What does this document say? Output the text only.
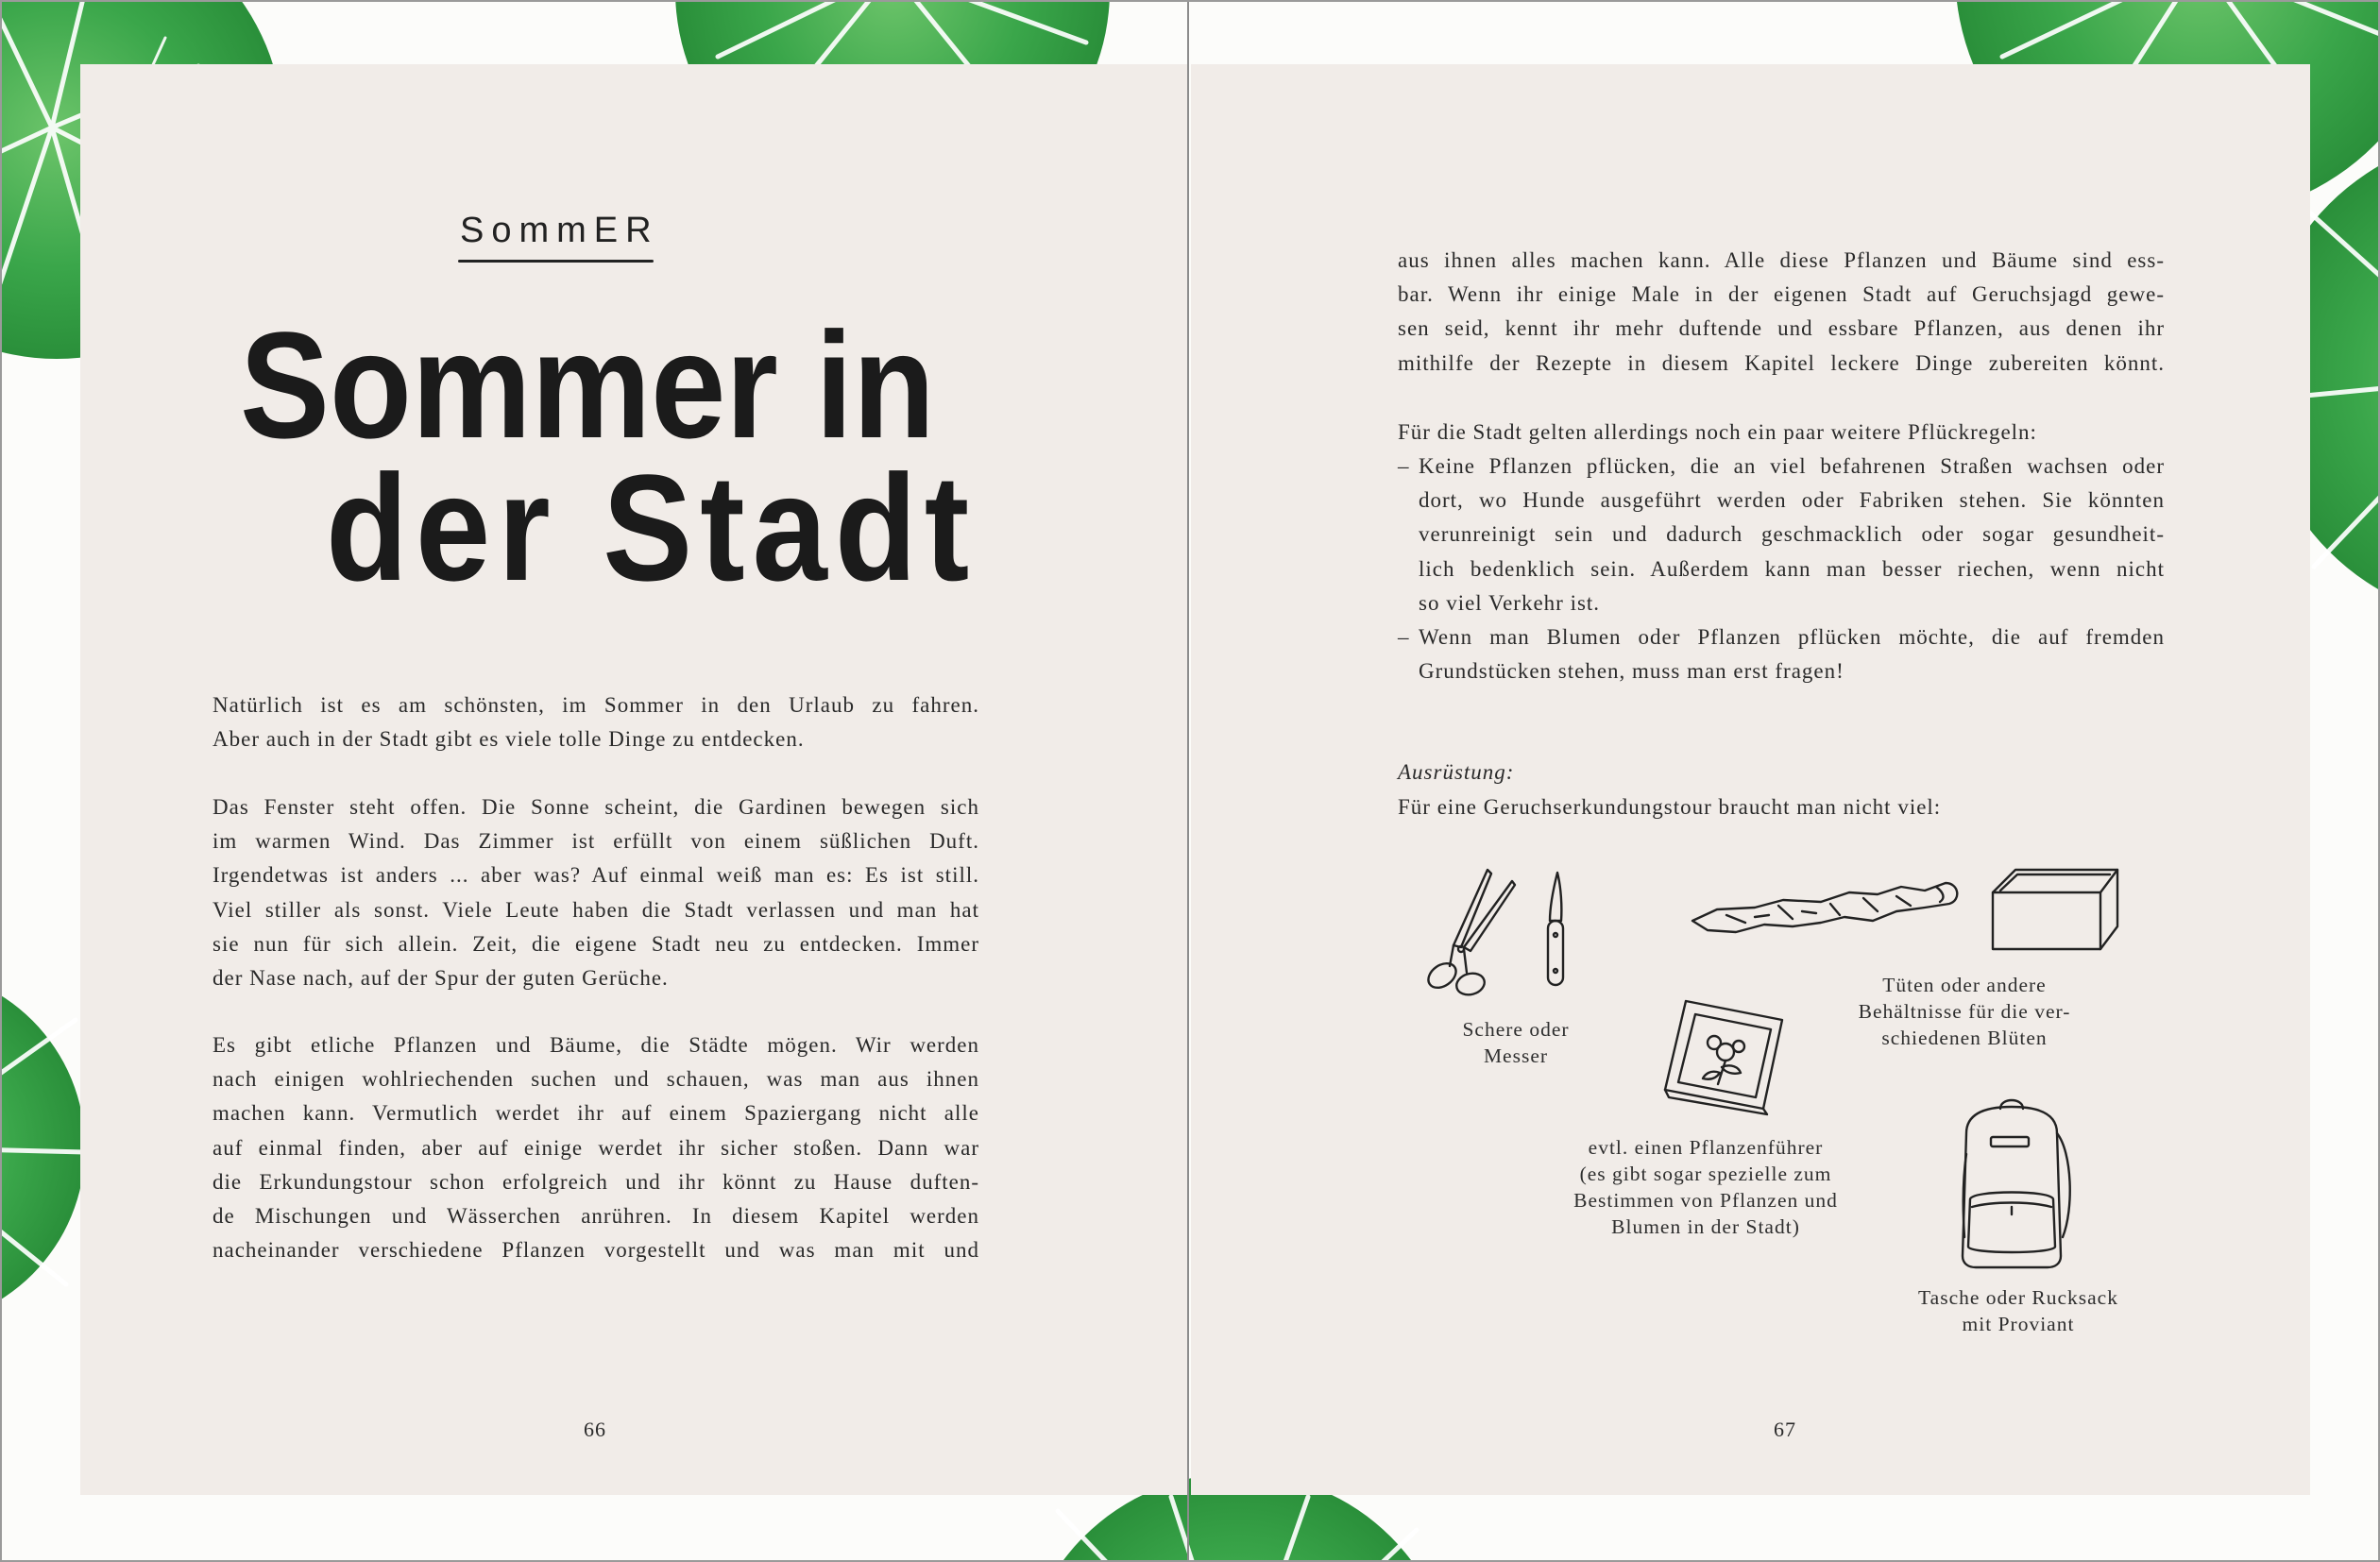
SommER
Sommer in
der Stadt
Natürlich ist es am schönsten, im Sommer in den Urlaub zu fahren.
Aber auch in der Stadt gibt es viele tolle Dinge zu entdecken.
Das Fenster steht offen. Die Sonne scheint, die Gardinen bewegen sich
im warmen Wind. Das Zimmer ist erfüllt von einem süßlichen Duft.
Irgendetwas ist anders ... aber was? Auf einmal weiß man es: Es ist still.
Viel stiller als sonst. Viele Leute haben die Stadt verlassen und man hat
sie nun für sich allein. Zeit, die eigene Stadt neu zu entdecken. Immer
der Nase nach, auf der Spur der guten Gerüche.
Es gibt etliche Pflanzen und Bäume, die Städte mögen. Wir werden
nach einigen wohlriechenden suchen und schauen, was man aus ihnen
machen kann. Vermutlich werdet ihr auf einem Spaziergang nicht alle
auf einmal finden, aber auf einige werdet ihr sicher stoßen. Dann war
die Erkundungstour schon erfolgreich und ihr könnt zu Hause duften-
de Mischungen und Wässerchen anrühren. In diesem Kapitel werden
nacheinander verschiedene Pflanzen vorgestellt und was man mit und
66
aus ihnen alles machen kann. Alle diese Pflanzen und Bäume sind ess-
bar. Wenn ihr einige Male in der eigenen Stadt auf Geruchsjagd gewe-
sen seid, kennt ihr mehr duftende und essbare Pflanzen, aus denen ihr
mithilfe der Rezepte in diesem Kapitel leckere Dinge zubereiten könnt.
Für die Stadt gelten allerdings noch ein paar weitere Pflückregeln:
– Keine Pflanzen pflücken, die an viel befahrenen Straßen wachsen oder
dort, wo Hunde ausgeführt werden oder Fabriken stehen. Sie könnten
verunreinigt sein und dadurch geschmacklich oder sogar gesundheit-
lich bedenklich sein. Außerdem kann man besser riechen, wenn nicht
so viel Verkehr ist.
– Wenn man Blumen oder Pflanzen pflücken möchte, die auf fremden
Grundstücken stehen, muss man erst fragen!
Ausrüstung:
Für eine Geruchserkundungstour braucht man nicht viel:
Schere oder
Messer
Tüten oder andere
Behältnisse für die ver-
schiedenen Blüten
evtl. einen Pflanzenführer
(es gibt sogar spezielle zum
Bestimmen von Pflanzen und
Blumen in der Stadt)
Tasche oder Rucksack
mit Proviant
67
